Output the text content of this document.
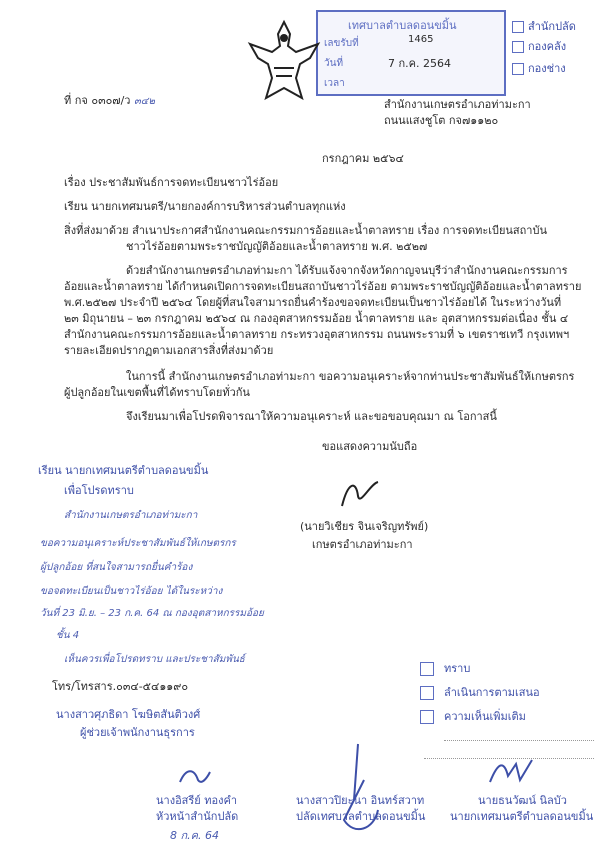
เทศบาลตำบลดอนขมิ้น
เลขรับที่	1465
วันที่	7 ก.ค. 2564
เวลา
สำนักปลัด
กองคลัง
กองช่าง
ที่ กจ ๐๓๐๗/ว ๓๔๒	สำนักงานเกษตรอำเภอท่ามะกา
ถนนแสงชูโต กจ๗๑๑๒๐
กรกฎาคม ๒๕๖๔
เรื่อง ประชาสัมพันธ์การจดทะเบียนชาวไร่อ้อย
เรียน นายกเทศมนตรี/นายกองค์การบริหารส่วนตำบลทุกแห่ง
สิ่งที่ส่งมาด้วย สำเนาประกาศสำนักงานคณะกรรมการอ้อยและน้ำตาลทราย เรื่อง การจดทะเบียนสถาบัน
ชาวไร่อ้อยตามพระราชบัญญัติอ้อยและน้ำตาลทราย พ.ศ. ๒๕๒๗
ด้วยสำนักงานเกษตรอำเภอท่ามะกา ได้รับแจ้งจากจังหวัดกาญจนบุรีว่าสำนักงานคณะกรรมการ
อ้อยและน้ำตาลทราย ได้กำหนดเปิดการจดทะเบียนสถาบันชาวไร่อ้อย ตามพระราชบัญญัติอ้อยและน้ำตาลทราย
พ.ศ.๒๕๒๗ ประจำปี ๒๕๖๔ โดยผู้ที่สนใจสามารถยื่นคำร้องขอจดทะเบียนเป็นชาวไร่อ้อยได้ ในระหว่างวันที่
๒๓ มิถุนายน – ๒๓ กรกฎาคม ๒๕๖๔ ณ กองอุตสาหกรรมอ้อย น้ำตาลทราย และ อุตสาหกรรมต่อเนื่อง ชั้น ๔
สำนักงานคณะกรรมการอ้อยและน้ำตาลทราย กระทรวงอุตสาหกรรม ถนนพระรามที่ ๖ เขตราชเทวี กรุงเทพฯ
รายละเอียดปรากฏตามเอกสารสิ่งที่ส่งมาด้วย
ในการนี้ สำนักงานเกษตรอำเภอท่ามะกา ขอความอนุเคราะห์จากท่านประชาสัมพันธ์ให้เกษตรกร
ผู้ปลูกอ้อยในเขตพื้นที่ได้ทราบโดยทั่วกัน
จึงเรียนมาเพื่อโปรดพิจารณาให้ความอนุเคราะห์ และขอขอบคุณมา ณ โอกาสนี้
ขอแสดงความนับถือ
(นายวิเชียร จินเจริญทรัพย์)
เกษตรอำเภอท่ามะกา
เรียน นายกเทศมนตรีตำบลดอนขมิ้น
เพื่อโปรดทราบ
สำนักงานเกษตรอำเภอท่ามะกา
ขอความอนุเคราะห์ประชาสัมพันธ์ให้เกษตรกร
ผู้ปลูกอ้อย ที่สนใจสามารถยื่นคำร้อง
ขอจดทะเบียนเป็นชาวไร่อ้อย ได้ในระหว่าง
วันที่ 23 มิ.ย. – 23 ก.ค. 64 ณ กองอุตสาหกรรมอ้อย
ชั้น 4
เห็นควรเพื่อโปรดทราบ และประชาสัมพันธ์
โทร/โทรสาร.๐๓๔-๕๔๑๑๙๐
นางสาวศุภธิดา โฆษิตสันติวงศ์
ผู้ช่วยเจ้าพนักงานธุรการ
ทราบ
ลำเนินการตามเสนอ
ความเห็นเพิ่มเติม
นางอิสรีย์ ทองคำ
หัวหน้าสำนักปลัด
8 ก.ค. 64
นางสาวปิยะนา อินทร์สวาท
ปลัดเทศบาลตำบลดอนขมิ้น
นายธนวัฒน์ นิลบัว
นายกเทศมนตรีตำบลดอนขมิ้น
